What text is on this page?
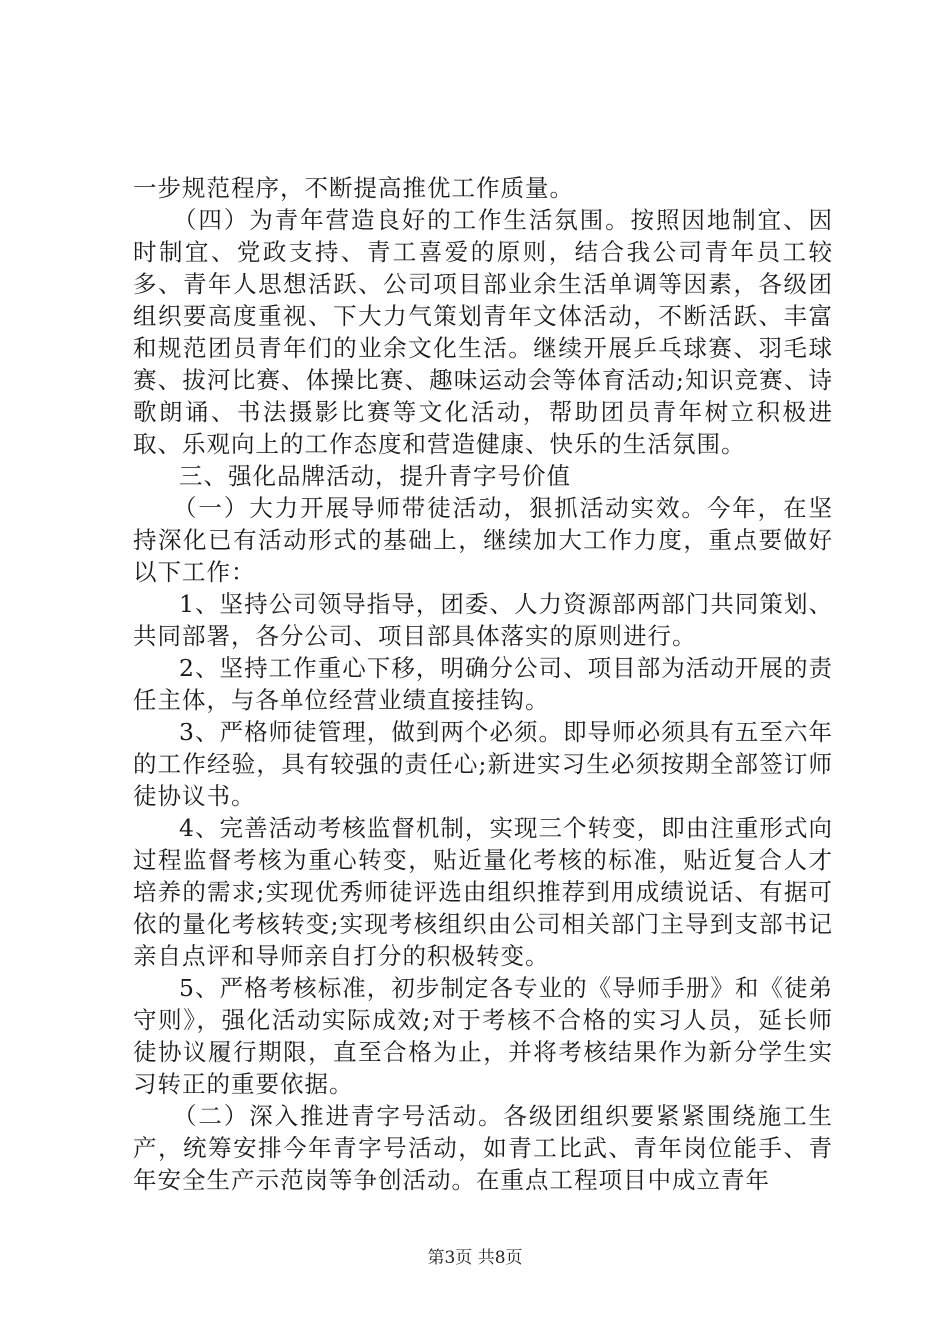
一步规范程序，不断提高推优工作质量。

（四）为青年营造良好的工作生活氛围。按照因地制宜、因时制宜、党政支持、青工喜爱的原则，结合我公司青年员工较多、青年人思想活跃、公司项目部业余生活单调等因素，各级团组织要高度重视、下大力气策划青年文体活动，不断活跃、丰富和规范团员青年们的业余文化生活。继续开展乒乓球赛、羽毛球赛、拔河比赛、体操比赛、趣味运动会等体育活动;知识竞赛、诗歌朗诵、书法摄影比赛等文化活动，帮助团员青年树立积极进取、乐观向上的工作态度和营造健康、快乐的生活氛围。

三、强化品牌活动，提升青字号价值

（一）大力开展导师带徒活动，狠抓活动实效。今年，在坚持深化已有活动形式的基础上，继续加大工作力度，重点要做好以下工作：

1、坚持公司领导指导，团委、人力资源部两部门共同策划、共同部署，各分公司、项目部具体落实的原则进行。

2、坚持工作重心下移，明确分公司、项目部为活动开展的责任主体，与各单位经营业绩直接挂钩。

3、严格师徒管理，做到两个必须。即导师必须具有五至六年的工作经验，具有较强的责任心;新进实习生必须按期全部签订师徒协议书。

4、完善活动考核监督机制，实现三个转变，即由注重形式向过程监督考核为重心转变，贴近量化考核的标准，贴近复合人才培养的需求;实现优秀师徒评选由组织推荐到用成绩说话、有据可依的量化考核转变;实现考核组织由公司相关部门主导到支部书记亲自点评和导师亲自打分的积极转变。

5、严格考核标准，初步制定各专业的《导师手册》和《徒弟守则》，强化活动实际成效;对于考核不合格的实习人员，延长师徒协议履行期限，直至合格为止，并将考核结果作为新分学生实习转正的重要依据。

（二）深入推进青字号活动。各级团组织要紧紧围绕施工生产，统筹安排今年青字号活动，如青工比武、青年岗位能手、青年安全生产示范岗等争创活动。在重点工程项目中成立青年

第3页 共8页
